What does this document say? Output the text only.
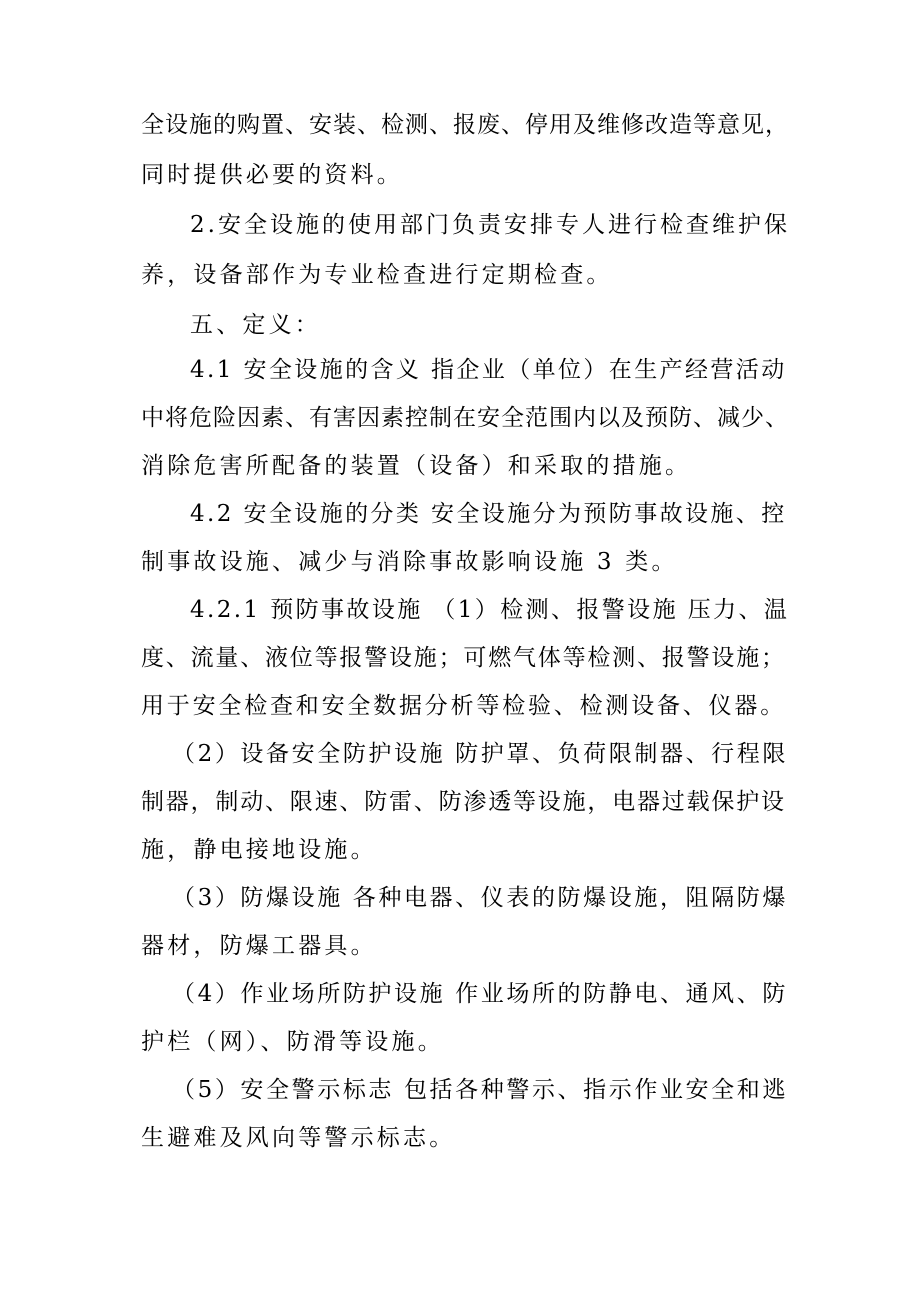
全设施的购置、安装、检测、报废、停用及维修改造等意见，
同时提供必要的资料。
2.安全设施的使用部门负责安排专人进行检查维护保
养，设备部作为专业检查进行定期检查。
五、定义：
4.1 安全设施的含义 指企业（单位）在生产经营活动
中将危险因素、有害因素控制在安全范围内以及预防、减少、
消除危害所配备的装置（设备）和采取的措施。
4.2 安全设施的分类 安全设施分为预防事故设施、控
制事故设施、减少与消除事故影响设施 3 类。
4.2.1 预防事故设施 （1）检测、报警设施 压力、温
度、流量、液位等报警设施；可燃气体等检测、报警设施；
用于安全检查和安全数据分析等检验、检测设备、仪器。
（2）设备安全防护设施 防护罩、负荷限制器、行程限
制器，制动、限速、防雷、防渗透等设施，电器过载保护设
施，静电接地设施。
（3）防爆设施 各种电器、仪表的防爆设施，阻隔防爆
器材，防爆工器具。
（4）作业场所防护设施 作业场所的防静电、通风、防
护栏（网）、防滑等设施。
（5）安全警示标志 包括各种警示、指示作业安全和逃
生避难及风向等警示标志。
